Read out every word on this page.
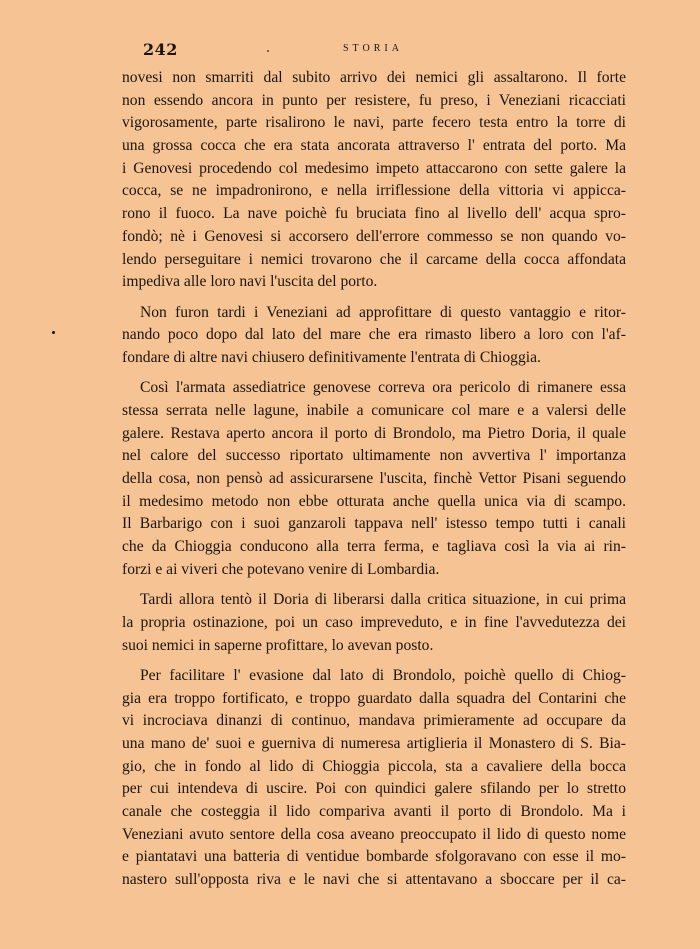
242	STORIA
novesi non smarriti dal subito arrivo dei nemici gli assaltarono. Il forte
non essendo ancora in punto per resistere, fu preso, i Veneziani ricacciati
vigorosamente, parte risalirono le navi, parte fecero testa entro la torre di
una grossa cocca che era stata ancorata attraverso l' entrata del porto. Ma
i Genovesi procedendo col medesimo impeto attaccarono con sette galere la
cocca, se ne impadronirono, e nella irriflessione della vittoria vi appicca-
rono il fuoco. La nave poichè fu bruciata fino al livello dell' acqua spro-
fondò; nè i Genovesi si accorsero dell'errore commesso se non quando vo-
lendo perseguitare i nemici trovarono che il carcame della cocca affondata
impediva alle loro navi l'uscita del porto.
Non furon tardi i Veneziani ad approfittare di questo vantaggio e ritor-
nando poco dopo dal lato del mare che era rimasto libero a loro con l'af-
fondare di altre navi chiusero definitivamente l'entrata di Chioggia.
Così l'armata assediatrice genovese correva ora pericolo di rimanere essa
stessa serrata nelle lagune, inabile a comunicare col mare e a valersi delle
galere. Restava aperto ancora il porto di Brondolo, ma Pietro Doria, il quale
nel calore del successo riportato ultimamente non avvertiva l' importanza
della cosa, non pensò ad assicurarsene l'uscita, finchè Vettor Pisani seguendo
il medesimo metodo non ebbe otturata anche quella unica via di scampo.
Il Barbarigo con i suoi ganzaroli tappava nell' istesso tempo tutti i canali
che da Chioggia conducono alla terra ferma, e tagliava così la via ai rin-
forzi e ai viveri che potevano venire di Lombardia.
Tardi allora tentò il Doria di liberarsi dalla critica situazione, in cui prima
la propria ostinazione, poi un caso impreveduto, e in fine l'avvedutezza dei
suoi nemici in saperne profittare, lo avevan posto.
Per facilitare l' evasione dal lato di Brondolo, poichè quello di Chiog-
gia era troppo fortificato, e troppo guardato dalla squadra del Contarini che
vi incrociava dinanzi di continuo, mandava primieramente ad occupare da
una mano de' suoi e guerniva di numeresa artiglieria il Monastero di S. Bia-
gio, che in fondo al lido di Chioggia piccola, sta a cavaliere della bocca
per cui intendeva di uscire. Poi con quindici galere sfilando per lo stretto
canale che costeggia il lido compariva avanti il porto di Brondolo. Ma i
Veneziani avuto sentore della cosa aveano preoccupato il lido di questo nome
e piantatavi una batteria di ventidue bombarde sfolgoravano con esse il mo-
nastero sull'opposta riva e le navi che si attentavano a sboccare per il ca-
